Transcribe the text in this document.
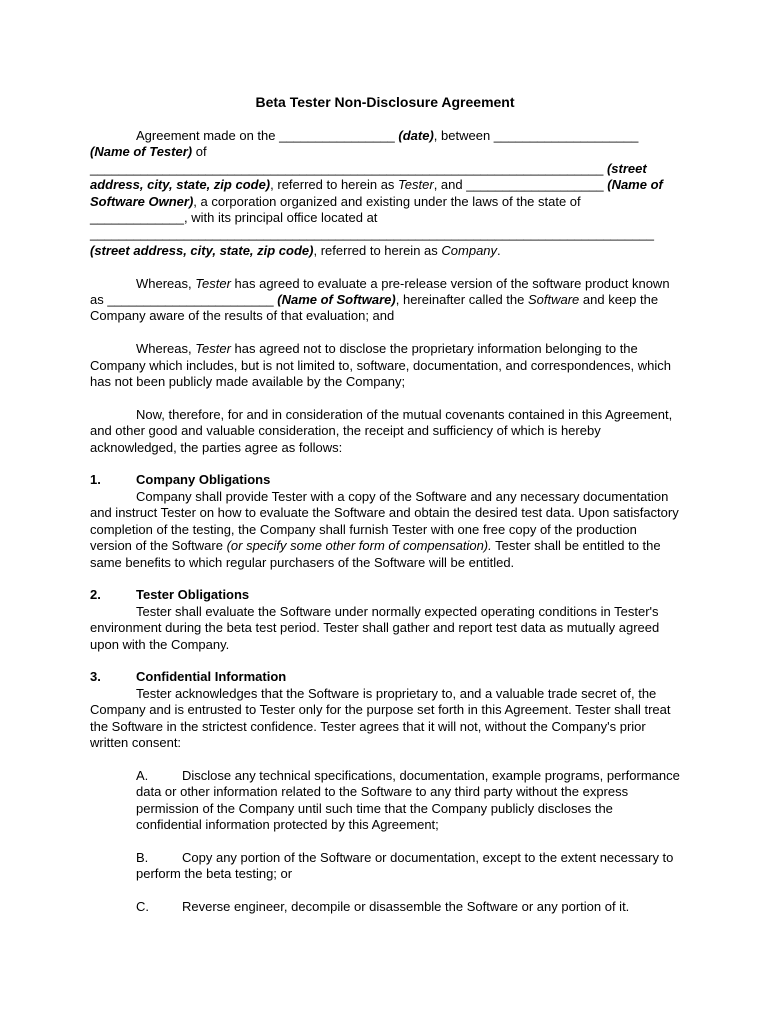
Beta Tester Non-Disclosure Agreement

Agreement made on the ________________ (date), between ____________________ (Name of Tester) of _______________________________________________________________________ (street address, city, state, zip code), referred to herein as Tester, and ___________________ (Name of Software Owner), a corporation organized and existing under the laws of the state of _____________, with its principal office located at ______________________________________________________________________________ (street address, city, state, zip code), referred to herein as Company.

Whereas, Tester has agreed to evaluate a pre-release version of the software product known as _______________________ (Name of Software), hereinafter called the Software and keep the Company aware of the results of that evaluation; and

Whereas, Tester has agreed not to disclose the proprietary information belonging to the Company which includes, but is not limited to, software, documentation, and correspondences, which has not been publicly made available by the Company;

Now, therefore, for and in consideration of the mutual covenants contained in this Agreement, and other good and valuable consideration, the receipt and sufficiency of which is hereby acknowledged, the parties agree as follows:

1.	Company Obligations

Company shall provide Tester with a copy of the Software and any necessary documentation and instruct Tester on how to evaluate the Software and obtain the desired test data. Upon satisfactory completion of the testing, the Company shall furnish Tester with one free copy of the production version of the Software (or specify some other form of compensation). Tester shall be entitled to the same benefits to which regular purchasers of the Software will be entitled.

2.	Tester Obligations

Tester shall evaluate the Software under normally expected operating conditions in Tester's environment during the beta test period. Tester shall gather and report test data as mutually agreed upon with the Company.

3.	Confidential Information

Tester acknowledges that the Software is proprietary to, and a valuable trade secret of, the Company and is entrusted to Tester only for the purpose set forth in this Agreement. Tester shall treat the Software in the strictest confidence. Tester agrees that it will not, without the Company's prior written consent:

A.	Disclose any technical specifications, documentation, example programs, performance data or other information related to the Software to any third party without the express permission of the Company until such time that the Company publicly discloses the confidential information protected by this Agreement;

B.	Copy any portion of the Software or documentation, except to the extent necessary to perform the beta testing; or

C.	Reverse engineer, decompile or disassemble the Software or any portion of it.
